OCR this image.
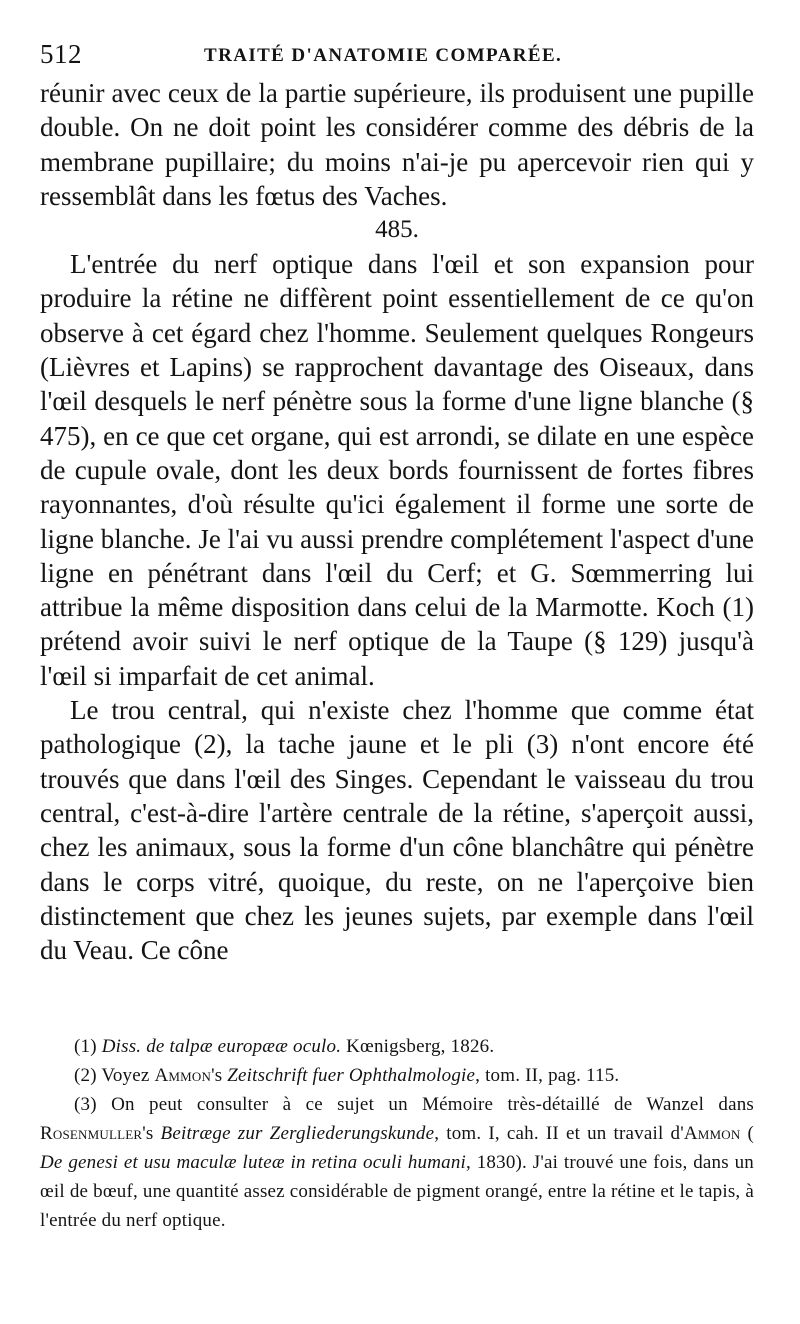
512	TRAITÉ D'ANATOMIE COMPARÉE.

réunir avec ceux de la partie supérieure, ils produisent une pupille double. On ne doit point les considérer comme des débris de la membrane pupillaire; du moins n'ai-je pu apercevoir rien qui y ressemblât dans les fœtus des Vaches.

485.

L'entrée du nerf optique dans l'œil et son expansion pour produire la rétine ne diffèrent point essentiellement de ce qu'on observe à cet égard chez l'homme. Seulement quelques Rongeurs (Lièvres et Lapins) se rapprochent davantage des Oiseaux, dans l'œil desquels le nerf pénètre sous la forme d'une ligne blanche (§ 475), en ce que cet organe, qui est arrondi, se dilate en une espèce de cupule ovale, dont les deux bords fournissent de fortes fibres rayonnantes, d'où résulte qu'ici également il forme une sorte de ligne blanche. Je l'ai vu aussi prendre complétement l'aspect d'une ligne en pénétrant dans l'œil du Cerf; et G. Sœmmerring lui attribue la même disposition dans celui de la Marmotte. Koch (1) prétend avoir suivi le nerf optique de la Taupe (§ 129) jusqu'à l'œil si imparfait de cet animal.

Le trou central, qui n'existe chez l'homme que comme état pathologique (2), la tache jaune et le pli (3) n'ont encore été trouvés que dans l'œil des Singes. Cependant le vaisseau du trou central, c'est-à-dire l'artère centrale de la rétine, s'aperçoit aussi, chez les animaux, sous la forme d'un cône blanchâtre qui pénètre dans le corps vitré, quoique, du reste, on ne l'aperçoive bien distinctement que chez les jeunes sujets, par exemple dans l'œil du Veau. Ce cône

(1) Diss. de talpæ europææ oculo. Kœnigsberg, 1826.

(2) Voyez Ammon's Zeitschrift fuer Ophthalmologie, tom. II, pag. 115.

(3) On peut consulter à ce sujet un Mémoire très-détaillé de Wanzel dans Rosenmuller's Beitræge zur Zergliederungskunde, tom. I, cah. II et un travail d'Ammon ( De genesi et usu maculæ luteæ in retina oculi humani, 1830). J'ai trouvé une fois, dans un œil de bœuf, une quantité assez considérable de pigment orangé, entre la rétine et le tapis, à l'entrée du nerf optique.
